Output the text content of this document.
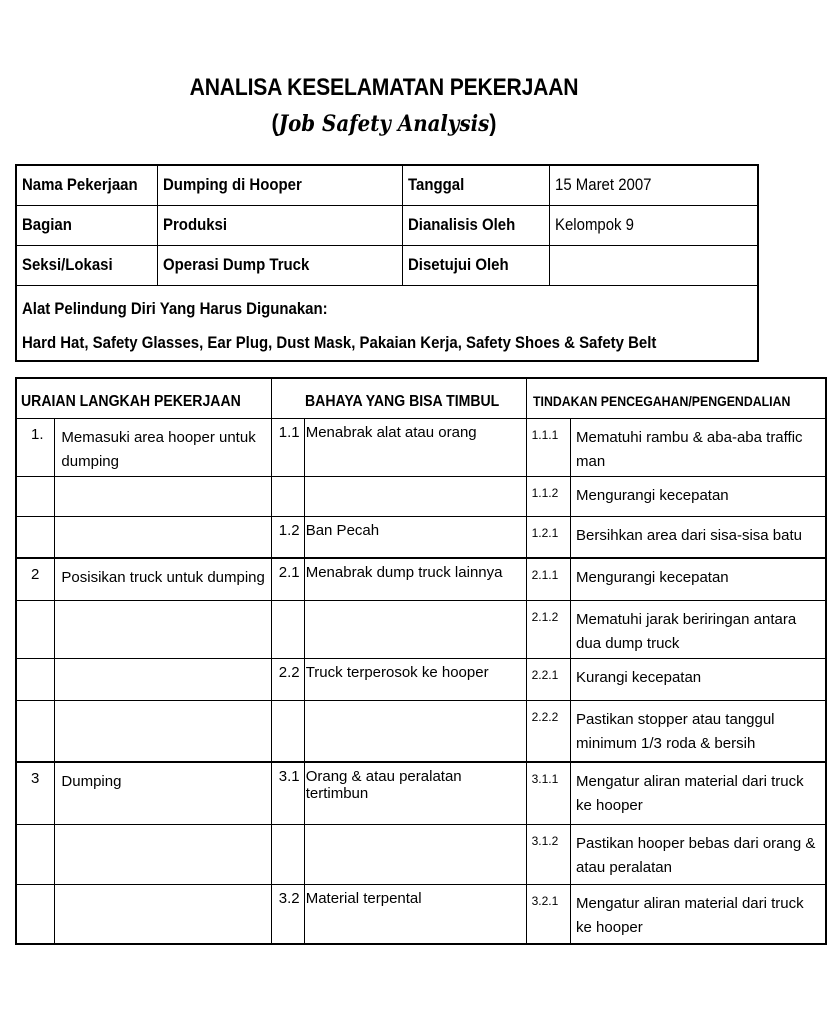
ANALISA KESELAMATAN PEKERJAAN
(Job Safety Analysis)
Nama Pekerjaan	Dumping di Hooper	Tanggal	15 Maret 2007
Bagian	Produksi	Dianalisis Oleh	Kelompok 9
Seksi/Lokasi	Operasi Dump Truck	Disetujui Oleh	

Alat Pelindung Diri Yang Harus Digunakan:
Hard Hat, Safety Glasses, Ear Plug, Dust Mask, Pakaian Kerja, Safety Shoes & Safety Belt			
URAIAN LANGKAH PEKERJAAN		BAHAYA YANG BISA TIMBUL		TINDAKAN PENCEGAHAN/PENGENDALIAN	
1.	Memasuki area hooper untuk dumping	1.1	Menabrak alat atau orang	1.1.1	Mematuhi rambu & aba-aba traffic man
				1.1.2	Mengurangi kecepatan
		1.2	Ban Pecah	1.2.1	Bersihkan area dari sisa-sisa batu
2	Posisikan truck untuk dumping	2.1	Menabrak dump truck lainnya	2.1.1	Mengurangi kecepatan
				2.1.2	Mematuhi jarak beriringan antara dua dump truck
		2.2	Truck terperosok ke hooper	2.2.1	Kurangi kecepatan
				2.2.2	Pastikan stopper atau tanggul minimum 1/3 roda & bersih
3	Dumping	3.1	Orang & atau peralatan tertimbun	3.1.1	Mengatur aliran material dari truck ke hooper
				3.1.2	Pastikan hooper bebas dari orang & atau peralatan
		3.2	Material terpental	3.2.1	Mengatur aliran material dari truck ke hooper
